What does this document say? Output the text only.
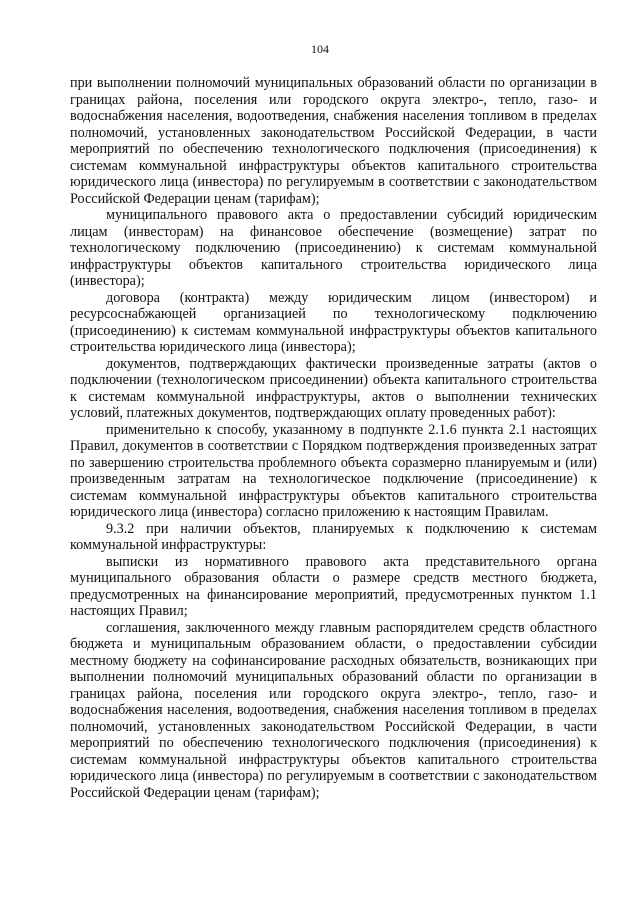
104

при выполнении полномочий муниципальных образований области по организации в границах района, поселения или городского округа электро-, тепло, газо- и водоснабжения населения, водоотведения, снабжения населения топливом в пределах полномочий, установленных законодательством Российской Федерации, в части мероприятий по обеспечению технологического подключения (присоединения) к системам коммунальной инфраструктуры объектов капитального строительства юридического лица (инвестора) по регулируемым в соответствии с законодательством Российской Федерации ценам (тарифам);

муниципального правового акта о предоставлении субсидий юридическим лицам (инвесторам) на финансовое обеспечение (возмещение) затрат по технологическому подключению (присоединению) к системам коммунальной инфраструктуры объектов капитального строительства юридического лица (инвестора);

договора (контракта) между юридическим лицом (инвестором) и ресурсоснабжающей организацией по технологическому подключению (присоединению) к системам коммунальной инфраструктуры объектов капитального строительства юридического лица (инвестора);

документов, подтверждающих фактически произведенные затраты (актов о подключении (технологическом присоединении) объекта капитального строительства к системам коммунальной инфраструктуры, актов о выполнении технических условий, платежных документов, подтверждающих оплату проведенных работ):

применительно к способу, указанному в подпункте 2.1.6 пункта 2.1 настоящих Правил, документов в соответствии с Порядком подтверждения произведенных затрат по завершению строительства проблемного объекта соразмерно планируемым и (или) произведенным затратам на технологическое подключение (присоединение) к системам коммунальной инфраструктуры объектов капитального строительства юридического лица (инвестора) согласно приложению к настоящим Правилам.

9.3.2 при наличии объектов, планируемых к подключению к системам коммунальной инфраструктуры:

выписки из нормативного правового акта представительного органа муниципального образования области о размере средств местного бюджета, предусмотренных на финансирование мероприятий, предусмотренных пунктом 1.1 настоящих Правил;

соглашения, заключенного между главным распорядителем средств областного бюджета и муниципальным образованием области, о предоставлении субсидии местному бюджету на софинансирование расходных обязательств, возникающих при выполнении полномочий муниципальных образований области по организации в границах района, поселения или городского округа электро-, тепло, газо- и водоснабжения населения, водоотведения, снабжения населения топливом в пределах полномочий, установленных законодательством Российской Федерации, в части мероприятий по обеспечению технологического подключения (присоединения) к системам коммунальной инфраструктуры объектов капитального строительства юридического лица (инвестора) по регулируемым в соответствии с законодательством Российской Федерации ценам (тарифам);
